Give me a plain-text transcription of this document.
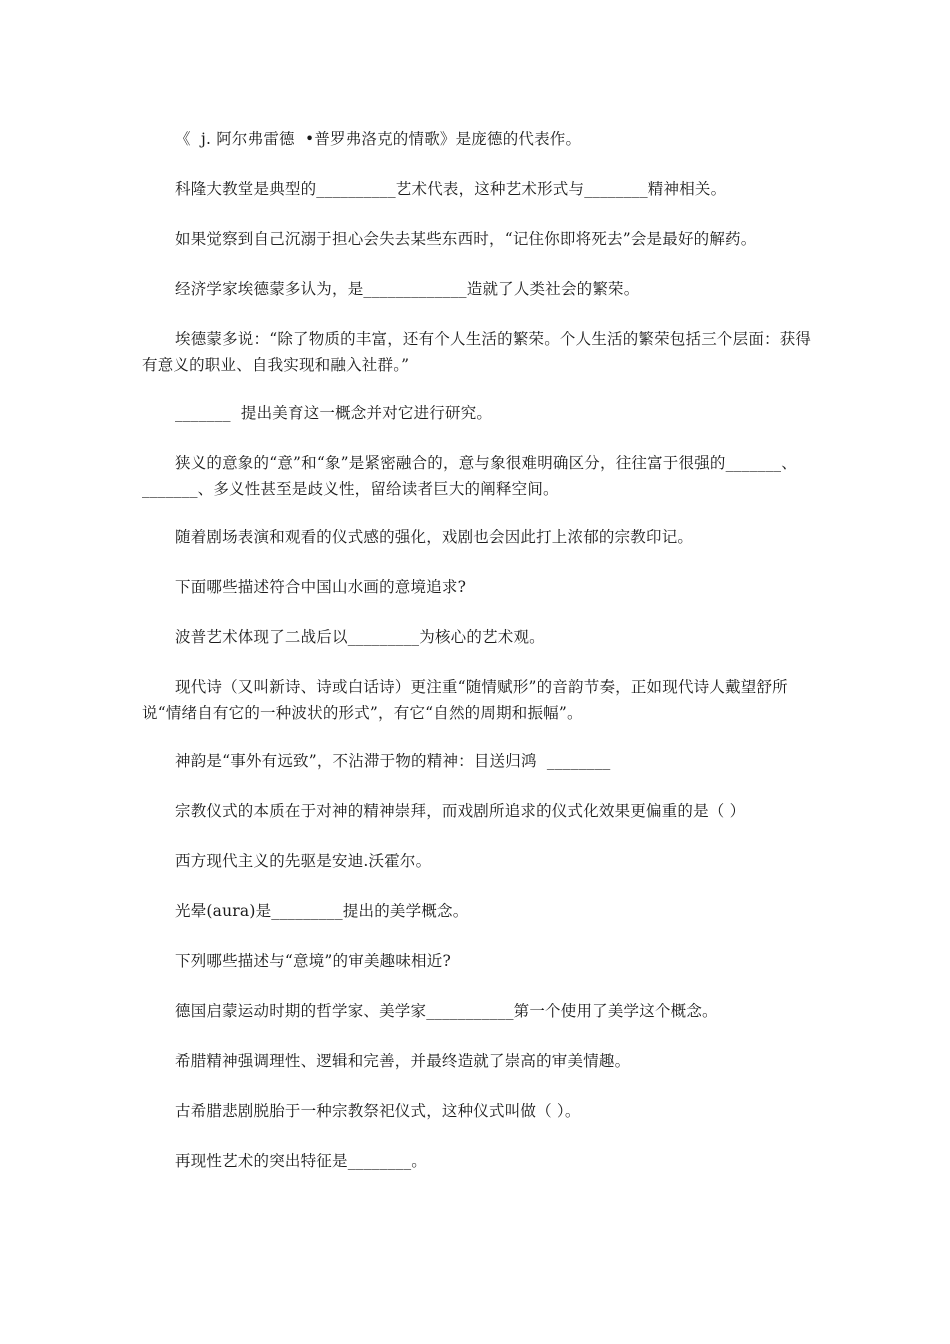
《  j. 阿尔弗雷德  •普罗弗洛克的情歌》是庞德的代表作。

科隆大教堂是典型的__________艺术代表，这种艺术形式与________精神相关。

如果觉察到自己沉溺于担心会失去某些东西时，“记住你即将死去”会是最好的解药。

经济学家埃德蒙多认为，是_____________造就了人类社会的繁荣。

埃德蒙多说：“除了物质的丰富，还有个人生活的繁荣。个人生活的繁荣包括三个层面：获得有意义的职业、自我实现和融入社群。”

_______  提出美育这一概念并对它进行研究。

狭义的意象的“意”和“象”是紧密融合的，意与象很难明确区分，往往富于很强的_______、_______、多义性甚至是歧义性，留给读者巨大的阐释空间。

随着剧场表演和观看的仪式感的强化，戏剧也会因此打上浓郁的宗教印记。

下面哪些描述符合中国山水画的意境追求?

波普艺术体现了二战后以_________为核心的艺术观。

现代诗（又叫新诗、诗或白话诗）更注重“随情赋形”的音韵节奏，正如现代诗人戴望舒所说“情绪自有它的一种波状的形式”，有它“自然的周期和振幅”。

神韵是“事外有远致”，不沾滞于物的精神：目送归鸿  ________

宗教仪式的本质在于对神的精神崇拜，而戏剧所追求的仪式化效果更偏重的是（ ）

西方现代主义的先驱是安迪.沃霍尔。

光晕(aura)是_________提出的美学概念。

下列哪些描述与“意境”的审美趣味相近?

德国启蒙运动时期的哲学家、美学家___________第一个使用了美学这个概念。

希腊精神强调理性、逻辑和完善，并最终造就了崇高的审美情趣。

古希腊悲剧脱胎于一种宗教祭祀仪式，这种仪式叫做（ ）。

再现性艺术的突出特征是________。
